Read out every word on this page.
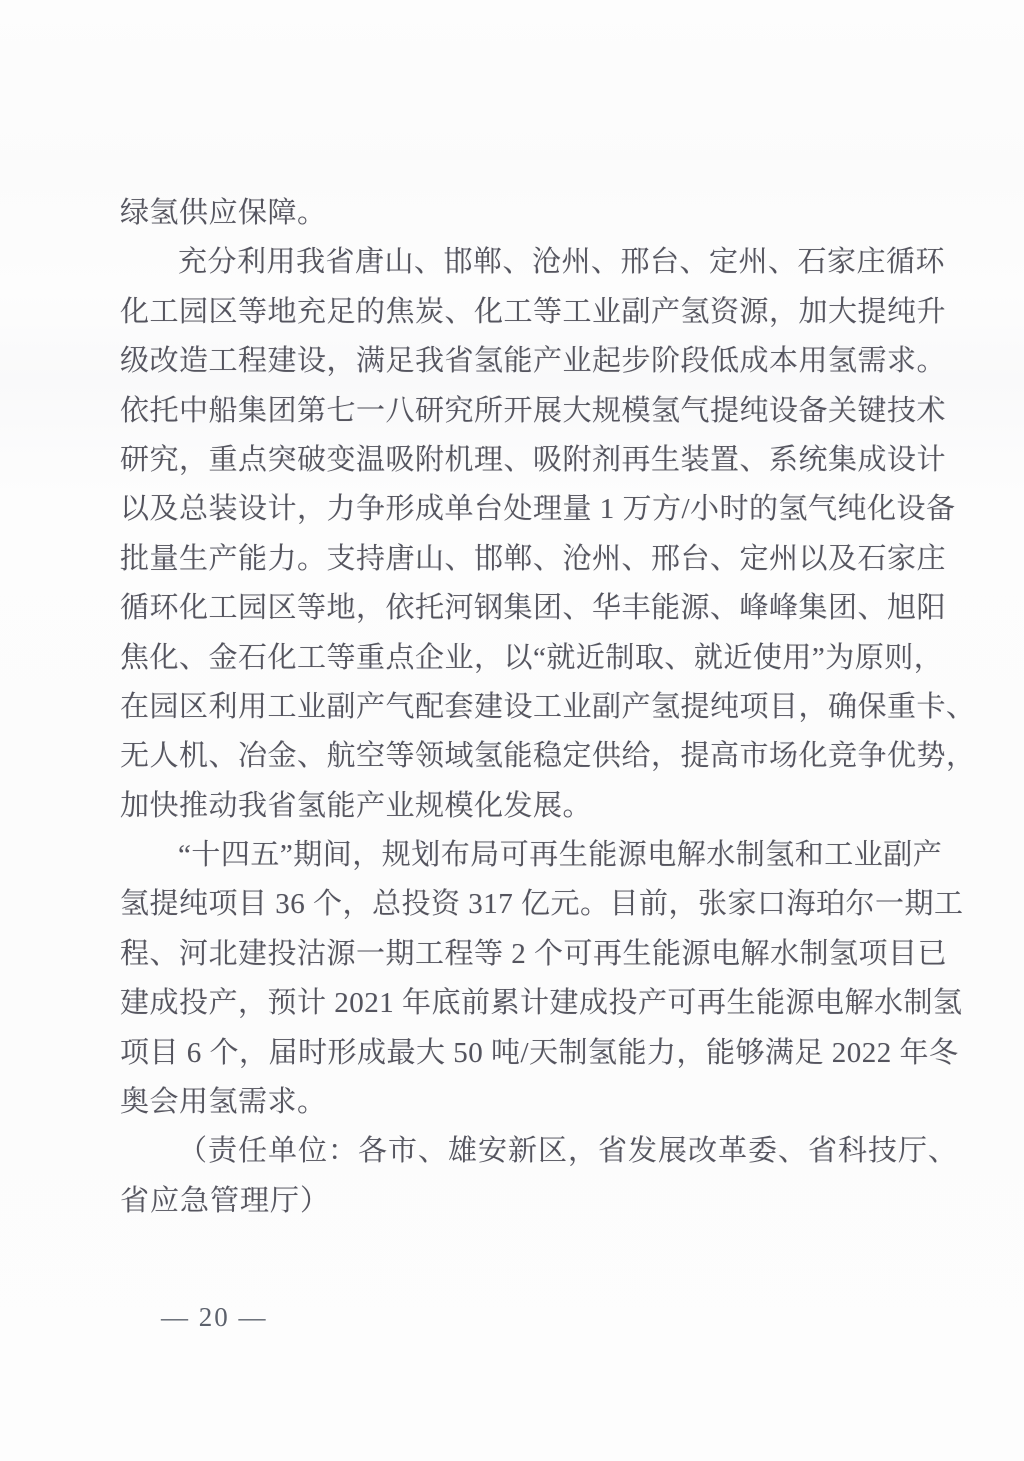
绿氢供应保障。
充分利用我省唐山、邯郸、沧州、邢台、定州、石家庄循环
化工园区等地充足的焦炭、化工等工业副产氢资源，加大提纯升
级改造工程建设，满足我省氢能产业起步阶段低成本用氢需求。
依托中船集团第七一八研究所开展大规模氢气提纯设备关键技术
研究，重点突破变温吸附机理、吸附剂再生装置、系统集成设计
以及总装设计，力争形成单台处理量 1 万方/小时的氢气纯化设备
批量生产能力。支持唐山、邯郸、沧州、邢台、定州以及石家庄
循环化工园区等地，依托河钢集团、华丰能源、峰峰集团、旭阳
焦化、金石化工等重点企业，以“就近制取、就近使用”为原则，
在园区利用工业副产气配套建设工业副产氢提纯项目，确保重卡、
无人机、冶金、航空等领域氢能稳定供给，提高市场化竞争优势，
加快推动我省氢能产业规模化发展。
“十四五”期间，规划布局可再生能源电解水制氢和工业副产
氢提纯项目 36 个，总投资 317 亿元。目前，张家口海珀尔一期工
程、河北建投沽源一期工程等 2 个可再生能源电解水制氢项目已
建成投产，预计 2021 年底前累计建成投产可再生能源电解水制氢
项目 6 个，届时形成最大 50 吨/天制氢能力，能够满足 2022 年冬
奥会用氢需求。
（责任单位：各市、雄安新区，省发展改革委、省科技厅、
省应急管理厅）
— 20 —
